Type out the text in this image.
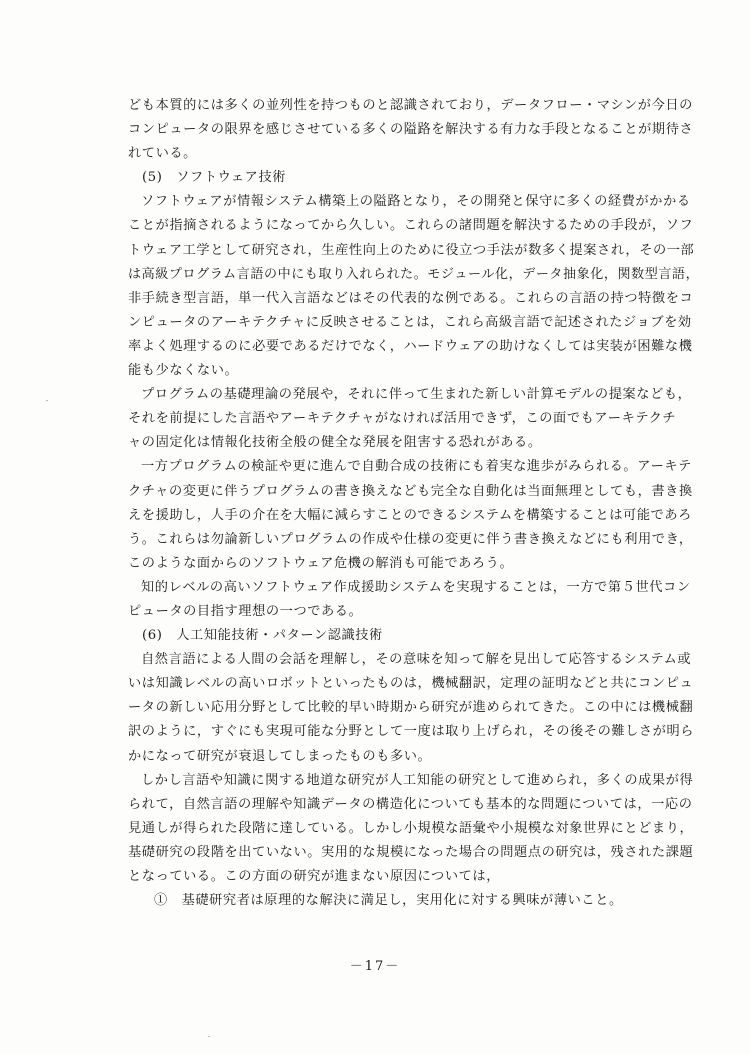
ども本質的には多くの並列性を持つものと認識されており，データフロー・マシンが今日の
コンピュータの限界を感じさせている多くの隘路を解決する有力な手段となることが期待さ
れている。
(5)　ソフトウェア技術
ソフトウェアが情報システム構築上の隘路となり，その開発と保守に多くの経費がかかる
ことが指摘されるようになってから久しい。これらの諸問題を解決するための手段が，ソフ
トウェア工学として研究され，生産性向上のために役立つ手法が数多く提案され，その一部
は高級プログラム言語の中にも取り入れられた。モジュール化，データ抽象化，関数型言語，
非手続き型言語，単一代入言語などはその代表的な例である。これらの言語の持つ特徴をコ
ンピュータのアーキテクチャに反映させることは，これら高級言語で記述されたジョブを効
率よく処理するのに必要であるだけでなく，ハードウェアの助けなくしては実装が困難な機
能も少なくない。
プログラムの基礎理論の発展や，それに伴って生まれた新しい計算モデルの提案なども，
それを前提にした言語やアーキテクチャがなければ活用できず，この面でもアーキテクチ
ャの固定化は情報化技術全般の健全な発展を阻害する恐れがある。
一方プログラムの検証や更に進んで自動合成の技術にも着実な進歩がみられる。アーキテ
クチャの変更に伴うプログラムの書き換えなども完全な自動化は当面無理としても，書き換
えを援助し，人手の介在を大幅に減らすことのできるシステムを構築することは可能であろ
う。これらは勿論新しいプログラムの作成や仕様の変更に伴う書き換えなどにも利用でき，
このような面からのソフトウェア危機の解消も可能であろう。
知的レベルの高いソフトウェア作成援助システムを実現することは，一方で第５世代コン
ピュータの目指す理想の一つである。
(6)　人工知能技術・パターン認識技術
自然言語による人間の会話を理解し，その意味を知って解を見出して応答するシステム或
いは知識レベルの高いロボットといったものは，機械翻訳，定理の証明などと共にコンピュ
ータの新しい応用分野として比較的早い時期から研究が進められてきた。この中には機械翻
訳のように，すぐにも実現可能な分野として一度は取り上げられ，その後その難しさが明ら
かになって研究が衰退してしまったものも多い。
しかし言語や知識に関する地道な研究が人工知能の研究として進められ，多くの成果が得
られて，自然言語の理解や知識データの構造化についても基本的な問題については，一応の
見通しが得られた段階に達している。しかし小規模な語彙や小規模な対象世界にとどまり，
基礎研究の段階を出ていない。実用的な規模になった場合の問題点の研究は，残された課題
となっている。この方面の研究が進まない原因については，
①　基礎研究者は原理的な解決に満足し，実用化に対する興味が薄いこと。
－17－
